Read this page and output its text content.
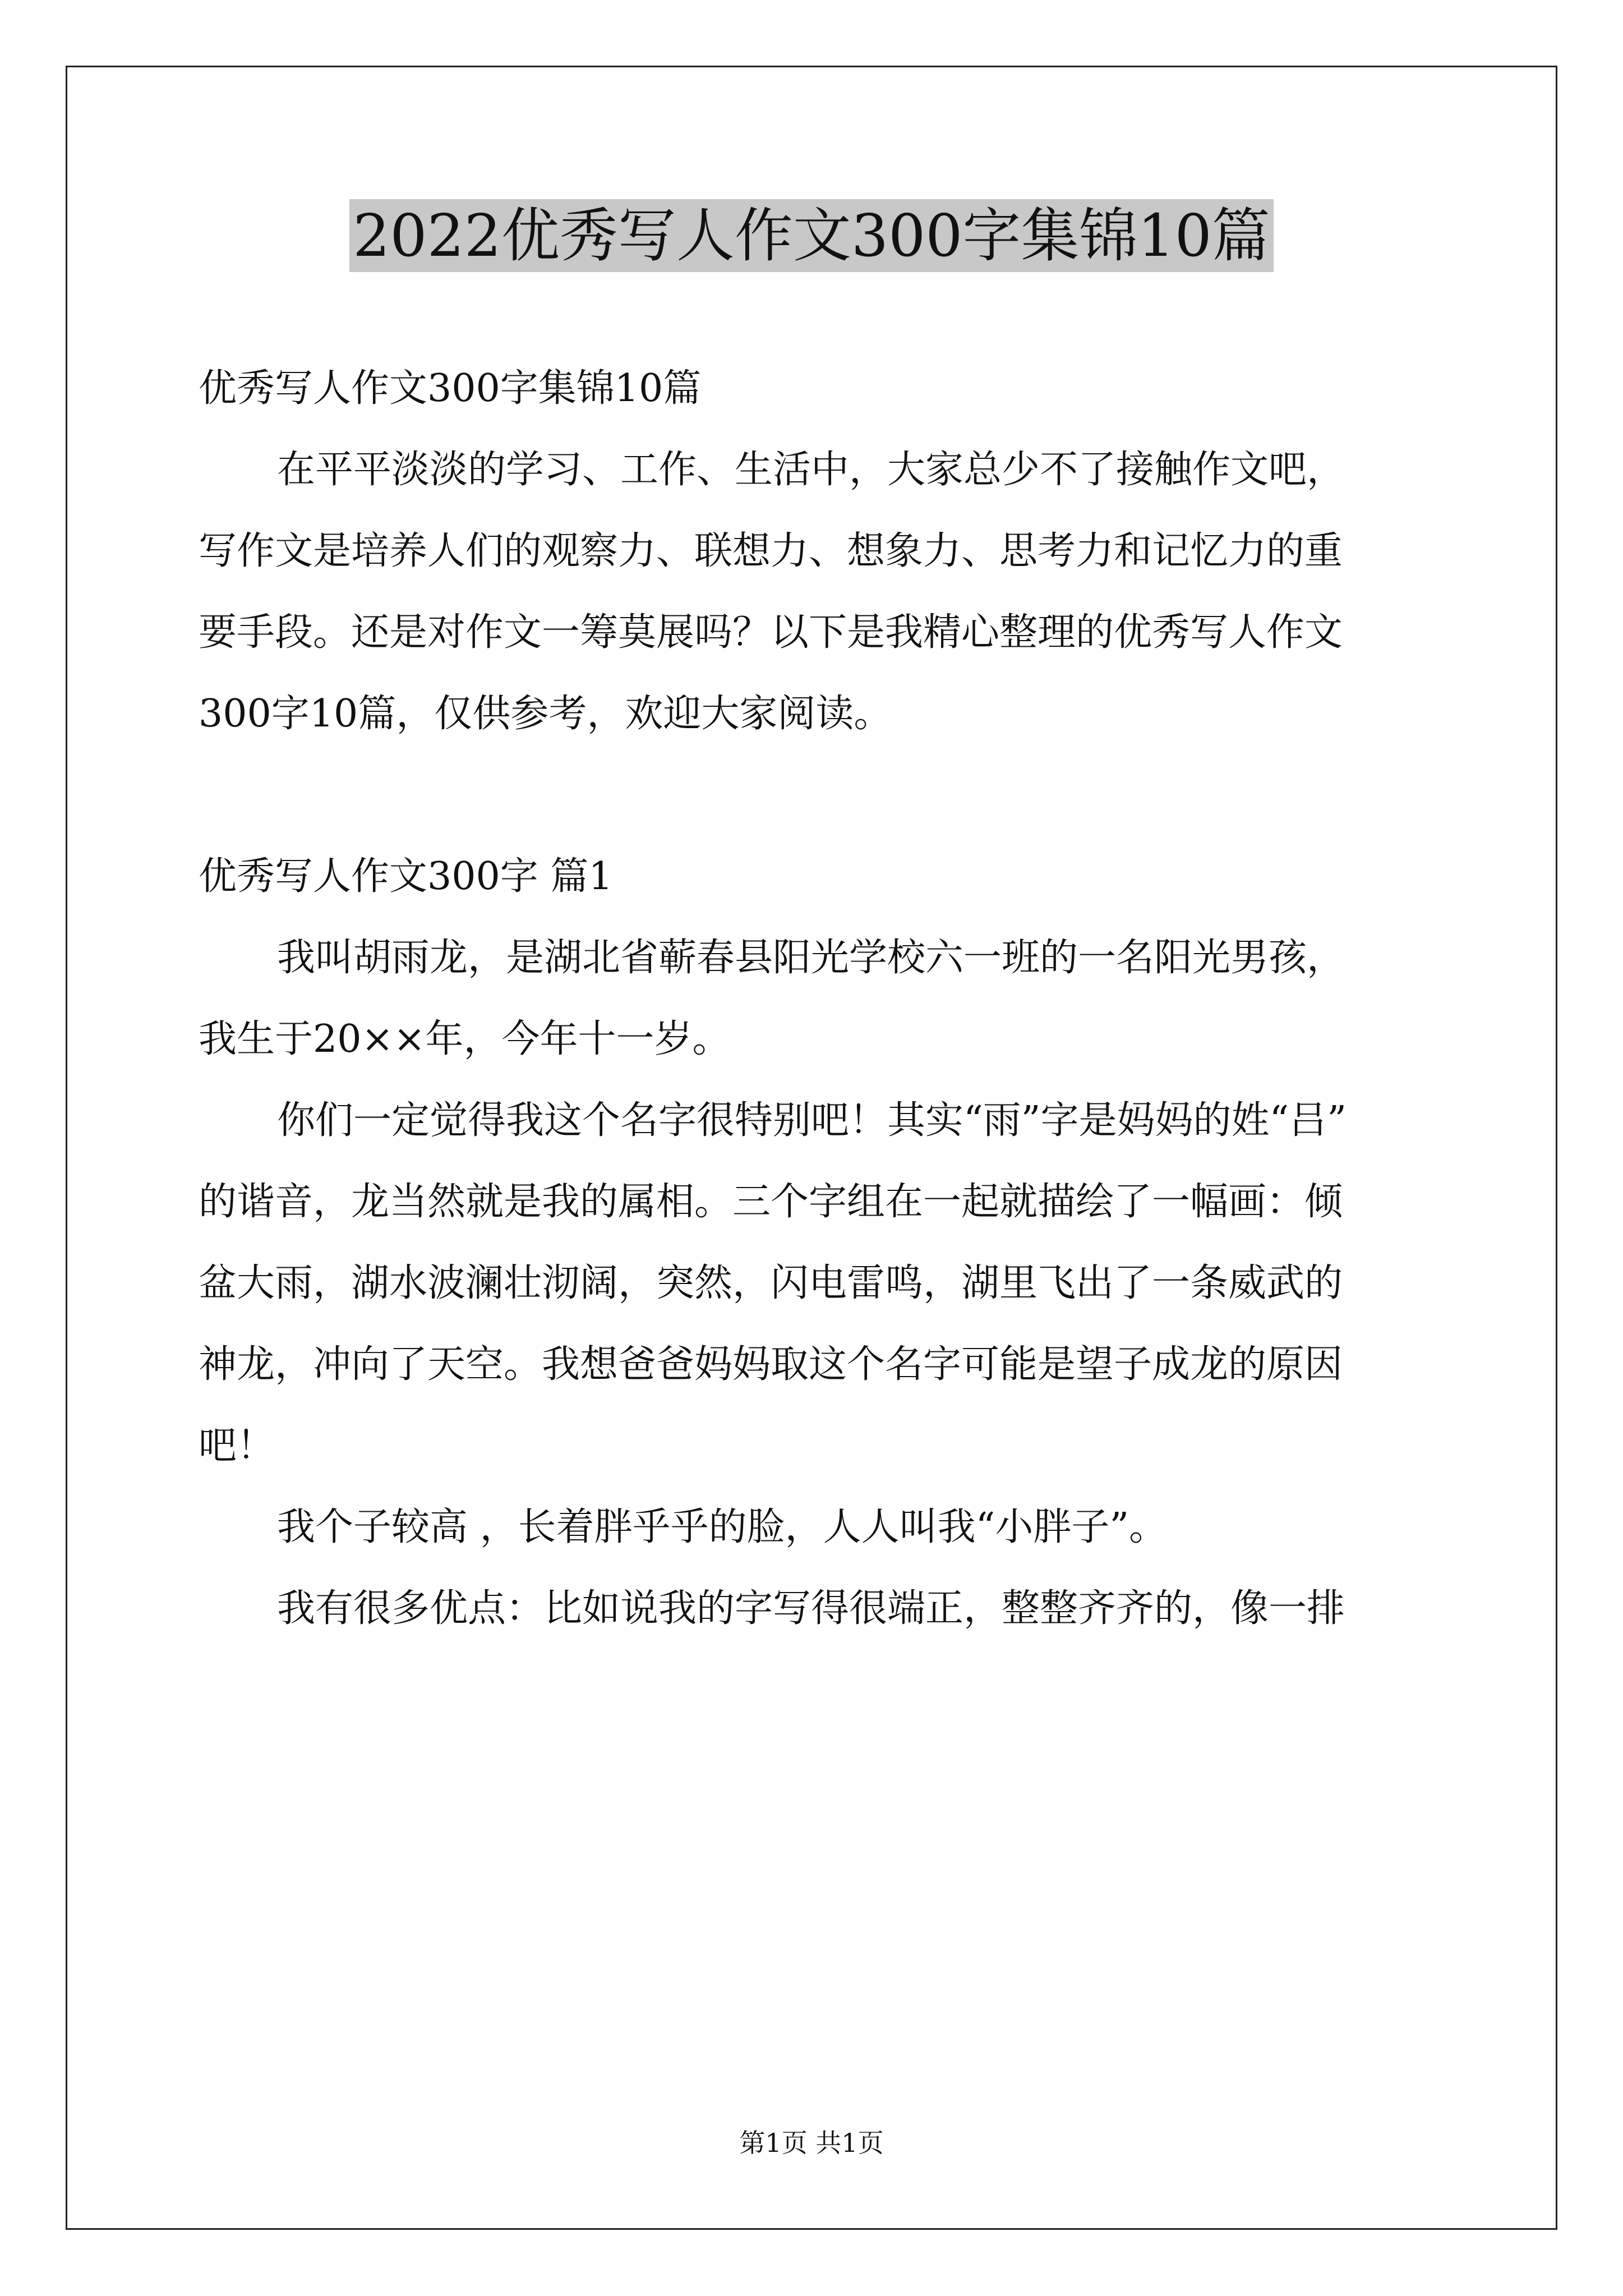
2022优秀写人作文300字集锦10篇
优秀写人作文300字集锦10篇
在平平淡淡的学习、工作、生活中，大家总少不了接触作文吧，
写作文是培养人们的观察力、联想力、想象力、思考力和记忆力的重
要手段。还是对作文一筹莫展吗？以下是我精心整理的优秀写人作文
300字10篇，仅供参考，欢迎大家阅读。
优秀写人作文300字 篇1
我叫胡雨龙，是湖北省蕲春县阳光学校六一班的一名阳光男孩，
我生于20××年，今年十一岁。
你们一定觉得我这个名字很特别吧！其实“雨”字是妈妈的姓“吕”
的谐音，龙当然就是我的属相。三个字组在一起就描绘了一幅画：倾
盆大雨，湖水波澜壮沏阔，突然，闪电雷鸣，湖里飞出了一条威武的
神龙，冲向了天空。我想爸爸妈妈取这个名字可能是望子成龙的原因
吧！
我个子较高 ，长着胖乎乎的脸，人人叫我“小胖子”。
我有很多优点：比如说我的字写得很端正，整整齐齐的，像一排
第1页 共1页
